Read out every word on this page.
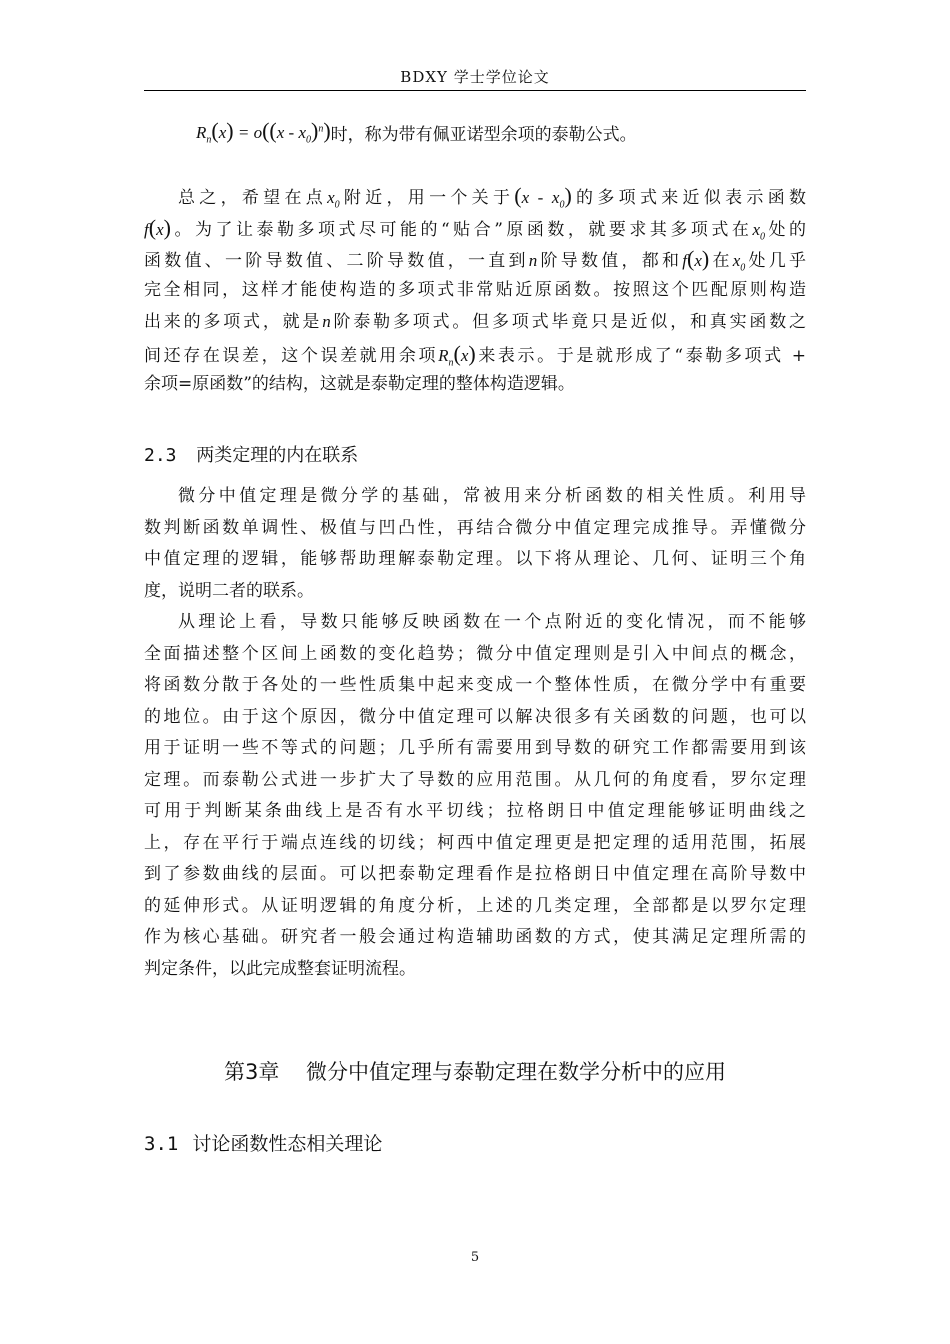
BDXY 学士学位论文
$R_n(x) = o((x - x_0)^n)$ 时，称为带有佩亚诺型余项的泰勒公式。
总之，希望在点$x_0$附近，用一个关于$(x - x_0)$的多项式来近似表示函数
f(x)。为了让泰勒多项式尽可能的“贴合”原函数，就要求其多项式在$x_0$处的
函数值、一阶导数值、二阶导数值，一直到n阶导数值，都和f(x)在$x_0$处几乎
完全相同，这样才能使构造的多项式非常贴近原函数。按照这个匹配原则构造
出来的多项式，就是n阶泰勒多项式。但多项式毕竟只是近似，和真实函数之
间还存在误差，这个误差就用余项$R_n(x)$来表示。于是就形成了“泰勒多项式 +
余项=原函数”的结构，这就是泰勒定理的整体构造逻辑。
2.3 两类定理的内在联系
微分中值定理是微分学的基础，常被用来分析函数的相关性质。利用导
数判断函数单调性、极值与凹凸性，再结合微分中值定理完成推导。弄懂微分
中值定理的逻辑，能够帮助理解泰勒定理。以下将从理论、几何、证明三个角
度，说明二者的联系。
从理论上看，导数只能够反映函数在一个点附近的变化情况，而不能够
全面描述整个区间上函数的变化趋势；微分中值定理则是引入中间点的概念，
将函数分散于各处的一些性质集中起来变成一个整体性质，在微分学中有重要
的地位。由于这个原因，微分中值定理可以解决很多有关函数的问题，也可以
用于证明一些不等式的问题；几乎所有需要用到导数的研究工作都需要用到该
定理。而泰勒公式进一步扩大了导数的应用范围。从几何的角度看，罗尔定理
可用于判断某条曲线上是否有水平切线；拉格朗日中值定理能够证明曲线之
上，存在平行于端点连线的切线；柯西中值定理更是把定理的适用范围，拓展
到了参数曲线的层面。可以把泰勒定理看作是拉格朗日中值定理在高阶导数中
的延伸形式。从证明逻辑的角度分析，上述的几类定理，全部都是以罗尔定理
作为核心基础。研究者一般会通过构造辅助函数的方式，使其满足定理所需的
判定条件，以此完成整套证明流程。
第3章 微分中值定理与泰勒定理在数学分析中的应用
3.1 讨论函数性态相关理论
5
